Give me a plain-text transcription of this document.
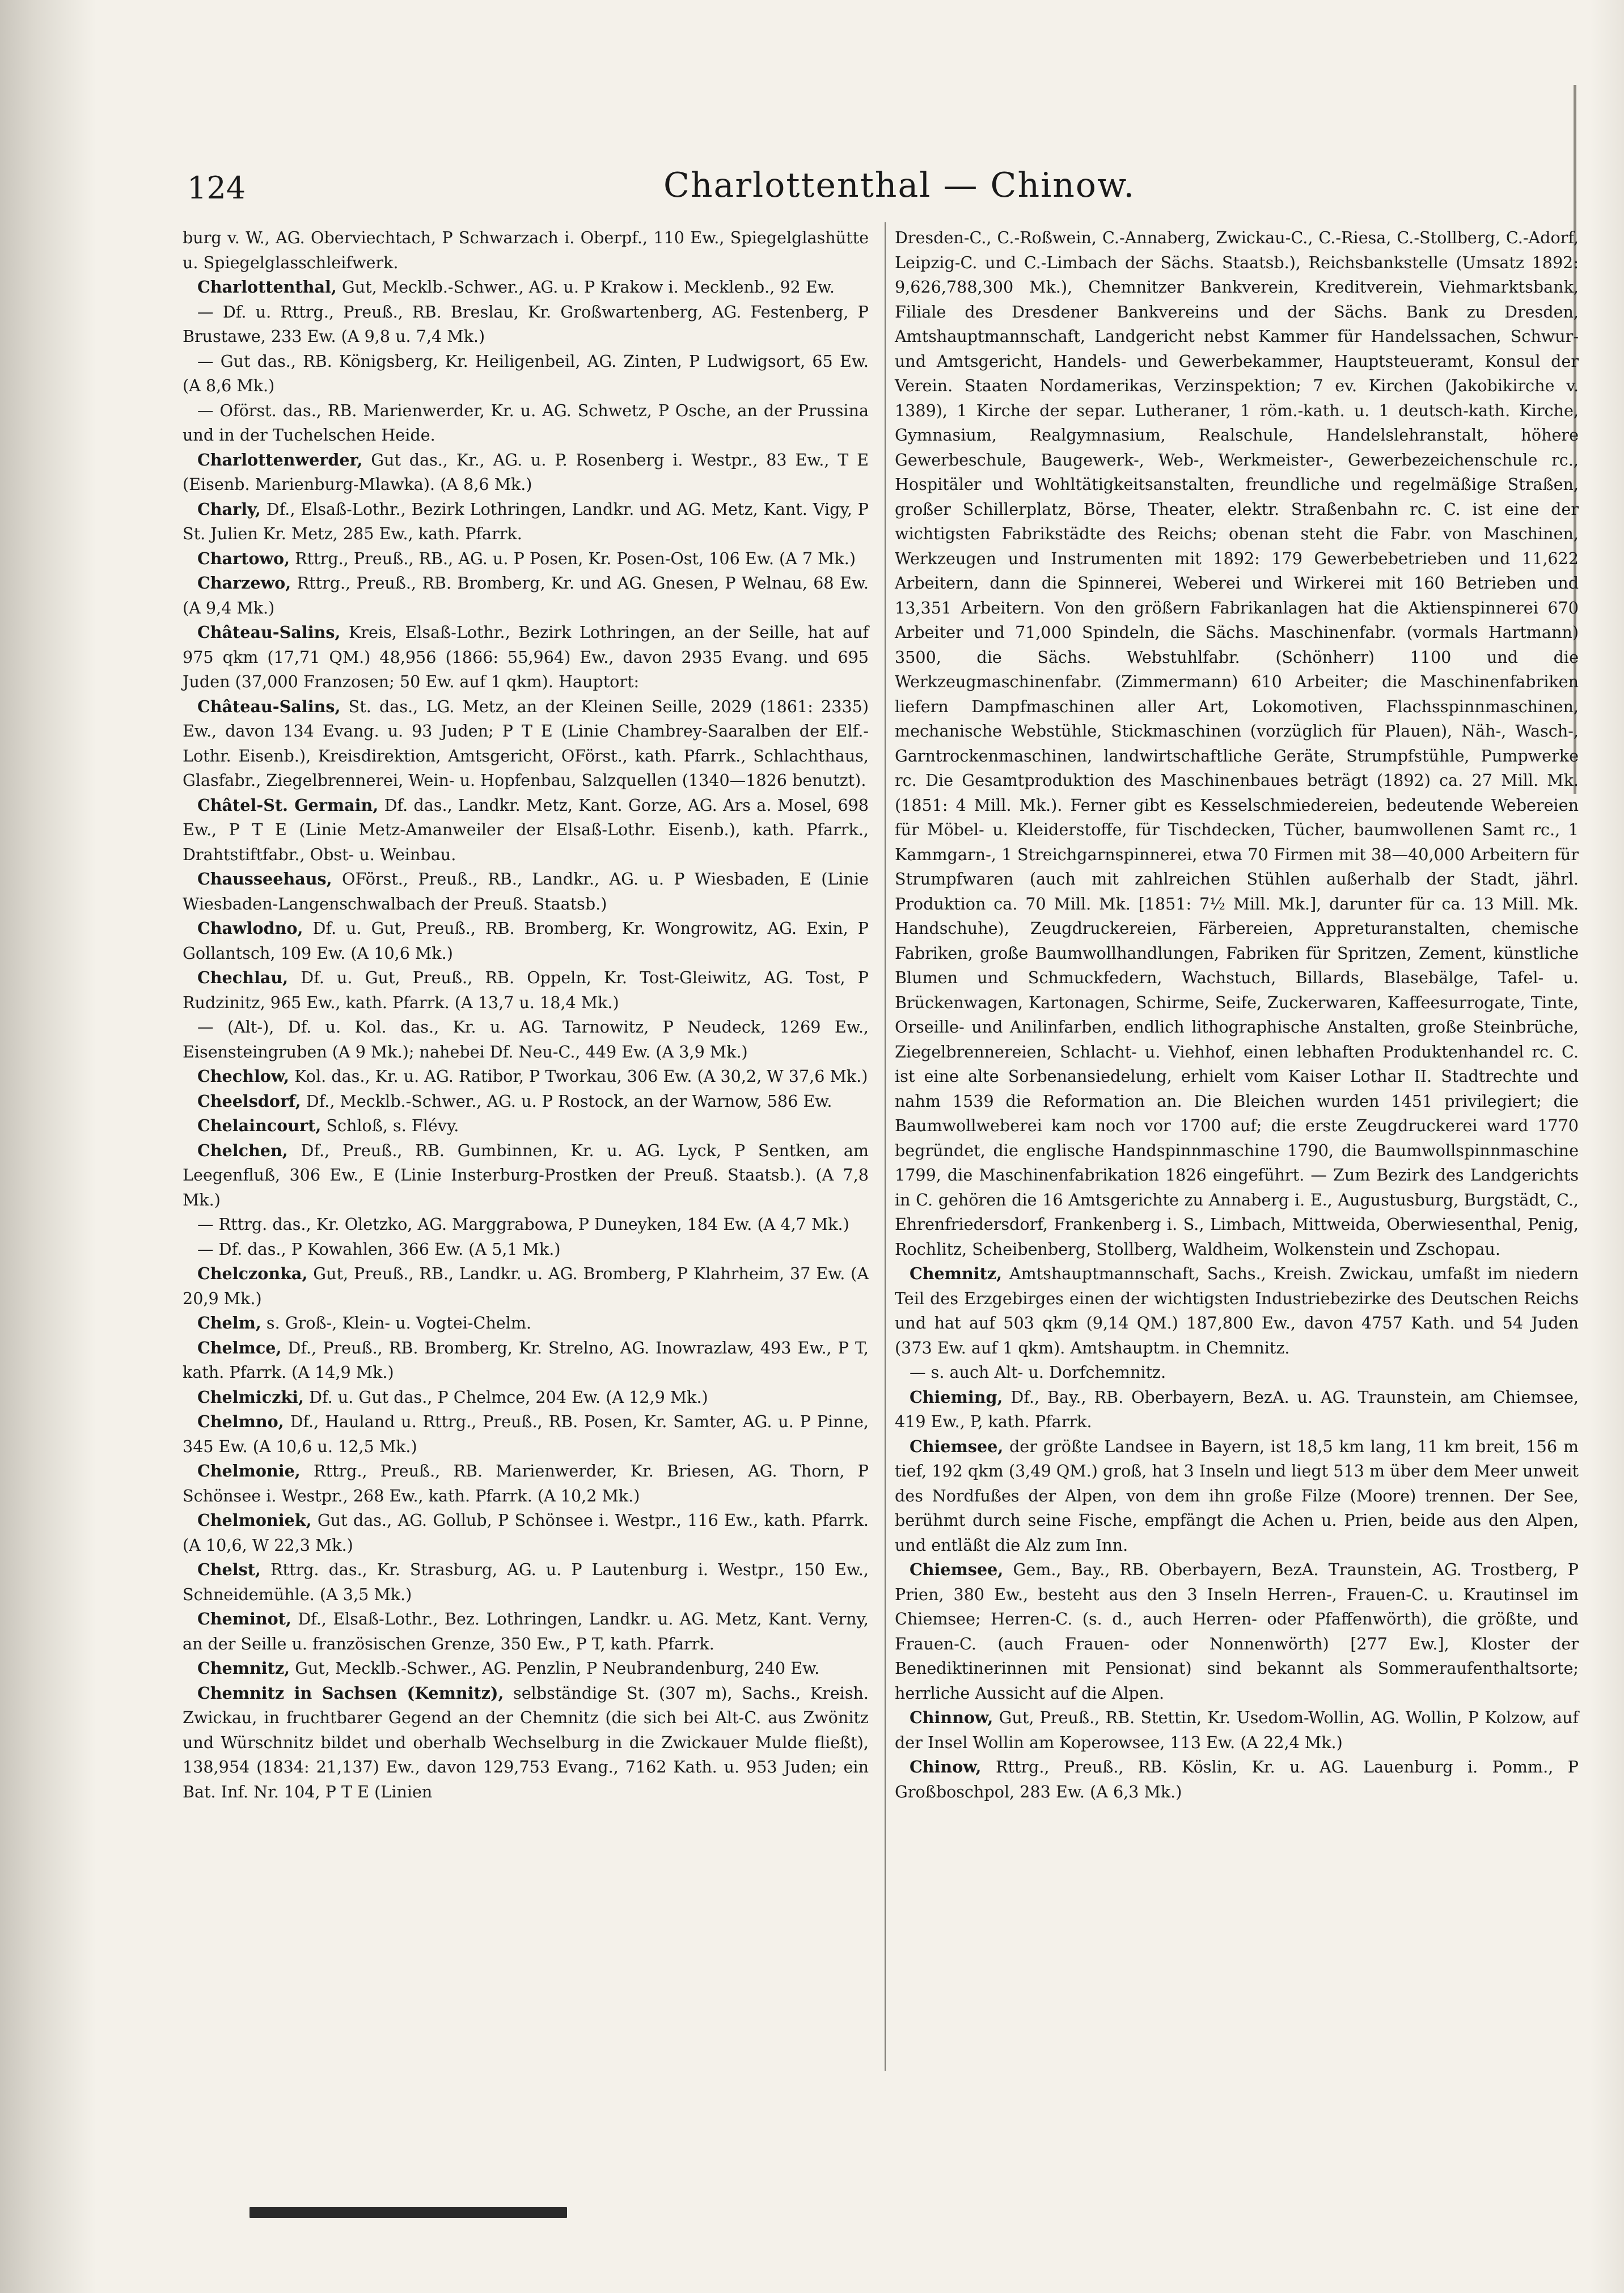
124	Charlottenthal — Chinow.

burg v. W., AG. Oberviechtach, P Schwarzach i. Oberpf., 110 Ew., Spiegelglashütte u. Spiegelglasschleifwerk.

Charlottenthal, Gut, Mecklb.-Schwer., AG. u. P Krakow i. Mecklenb., 92 Ew.

— Df. u. Rttrg., Preuß., RB. Breslau, Kr. Großwartenberg, AG. Festenberg, P Brustawe, 233 Ew. (A 9,8 u. 7,4 Mk.)

— Gut das., RB. Königsberg, Kr. Heiligenbeil, AG. Zinten, P Ludwigsort, 65 Ew. (A 8,6 Mk.)

— Oförst. das., RB. Marienwerder, Kr. u. AG. Schwetz, P Osche, an der Prussina und in der Tuchelschen Heide.

Charlottenwerder, Gut das., Kr., AG. u. P. Rosenberg i. Westpr., 83 Ew., T E (Eisenb. Marienburg-Mlawka). (A 8,6 Mk.)

Charly, Df., Elsaß-Lothr., Bezirk Lothringen, Landkr. und AG. Metz, Kant. Vigy, P St. Julien Kr. Metz, 285 Ew., kath. Pfarrk.

Chartowo, Rttrg., Preuß., RB., AG. u. P Posen, Kr. Posen-Ost, 106 Ew. (A 7 Mk.)

Charzewo, Rttrg., Preuß., RB. Bromberg, Kr. und AG. Gnesen, P Welnau, 68 Ew. (A 9,4 Mk.)

Château-Salins, Kreis, Elsaß-Lothr., Bezirk Lothringen, an der Seille, hat auf 975 qkm (17,71 QM.) 48,956 (1866: 55,964) Ew., davon 2935 Evang. und 695 Juden (37,000 Franzosen; 50 Ew. auf 1 qkm). Hauptort:

Château-Salins, St. das., LG. Metz, an der Kleinen Seille, 2029 (1861: 2335) Ew., davon 134 Evang. u. 93 Juden; P T E (Linie Chambrey-Saaralben der Elf.-Lothr. Eisenb.), Kreisdirektion, Amtsgericht, OFörst., kath. Pfarrk., Schlachthaus, Glasfabr., Ziegelbrennerei, Wein- u. Hopfenbau, Salzquellen (1340—1826 benutzt).

Châtel-St. Germain, Df. das., Landkr. Metz, Kant. Gorze, AG. Ars a. Mosel, 698 Ew., P T E (Linie Metz-Amanweiler der Elsaß-Lothr. Eisenb.), kath. Pfarrk., Drahtstiftfabr., Obst- u. Weinbau.

Chausseehaus, OFörst., Preuß., RB., Landkr., AG. u. P Wiesbaden, E (Linie Wiesbaden-Langenschwalbach der Preuß. Staatsb.)

Chawlodno, Df. u. Gut, Preuß., RB. Bromberg, Kr. Wongrowitz, AG. Exin, P Gollantsch, 109 Ew. (A 10,6 Mk.)

Chechlau, Df. u. Gut, Preuß., RB. Oppeln, Kr. Tost-Gleiwitz, AG. Tost, P Rudzinitz, 965 Ew., kath. Pfarrk. (A 13,7 u. 18,4 Mk.)

— (Alt-), Df. u. Kol. das., Kr. u. AG. Tarnowitz, P Neudeck, 1269 Ew., Eisensteingruben (A 9 Mk.); nahebei Df. Neu-C., 449 Ew. (A 3,9 Mk.)

Chechlow, Kol. das., Kr. u. AG. Ratibor, P Tworkau, 306 Ew. (A 30,2, W 37,6 Mk.)

Cheelsdorf, Df., Mecklb.-Schwer., AG. u. P Rostock, an der Warnow, 586 Ew.

Chelaincourt, Schloß, s. Flévy.

Chelchen, Df., Preuß., RB. Gumbinnen, Kr. u. AG. Lyck, P Sentken, am Leegenfluß, 306 Ew., E (Linie Insterburg-Prostken der Preuß. Staatsb.). (A 7,8 Mk.)

— Rttrg. das., Kr. Oletzko, AG. Marggrabowa, P Duneyken, 184 Ew. (A 4,7 Mk.)

— Df. das., P Kowahlen, 366 Ew. (A 5,1 Mk.)

Chelczonka, Gut, Preuß., RB., Landkr. u. AG. Bromberg, P Klahrheim, 37 Ew. (A 20,9 Mk.)

Chelm, s. Groß-, Klein- u. Vogtei-Chelm.

Chelmce, Df., Preuß., RB. Bromberg, Kr. Strelno, AG. Inowrazlaw, 493 Ew., P T, kath. Pfarrk. (A 14,9 Mk.)

Chelmiczki, Df. u. Gut das., P Chelmce, 204 Ew. (A 12,9 Mk.)

Chelmno, Df., Hauland u. Rttrg., Preuß., RB. Posen, Kr. Samter, AG. u. P Pinne, 345 Ew. (A 10,6 u. 12,5 Mk.)

Chelmonie, Rttrg., Preuß., RB. Marienwerder, Kr. Briesen, AG. Thorn, P Schönsee i. Westpr., 268 Ew., kath. Pfarrk. (A 10,2 Mk.)

Chelmoniek, Gut das., AG. Gollub, P Schönsee i. Westpr., 116 Ew., kath. Pfarrk. (A 10,6, W 22,3 Mk.)

Chelst, Rttrg. das., Kr. Strasburg, AG. u. P Lautenburg i. Westpr., 150 Ew., Schneidemühle. (A 3,5 Mk.)

Cheminot, Df., Elsaß-Lothr., Bez. Lothringen, Landkr. u. AG. Metz, Kant. Verny, an der Seille u. französischen Grenze, 350 Ew., P T, kath. Pfarrk.

Chemnitz, Gut, Mecklb.-Schwer., AG. Penzlin, P Neubrandenburg, 240 Ew.

Chemnitz in Sachsen (Kemnitz), selbständige St. (307 m), Sachs., Kreish. Zwickau, in fruchtbarer Gegend an der Chemnitz (die sich bei Alt-C. aus Zwönitz und Würschnitz bildet und oberhalb Wechselburg in die Zwickauer Mulde fließt), 138,954 (1834: 21,137) Ew., davon 129,753 Evang., 7162 Kath. u. 953 Juden; ein Bat. Inf. Nr. 104, P T E (Linien

Dresden-C., C.-Roßwein, C.-Annaberg, Zwickau-C., C.-Riesa, C.-Stollberg, C.-Adorf, Leipzig-C. und C.-Limbach der Sächs. Staatsb.), Reichsbankstelle (Umsatz 1892: 9,626,788,300 Mk.), Chemnitzer Bankverein, Kreditverein, Viehmarktsbank, Filiale des Dresdener Bankvereins und der Sächs. Bank zu Dresden, Amtshauptmannschaft, Landgericht nebst Kammer für Handelssachen, Schwur- und Amtsgericht, Handels- und Gewerbekammer, Hauptsteueramt, Konsul der Verein. Staaten Nordamerikas, Verzinspektion; 7 ev. Kirchen (Jakobikirche v. 1389), 1 Kirche der separ. Lutheraner, 1 röm.-kath. u. 1 deutsch-kath. Kirche, Gymnasium, Realgymnasium, Realschule, Handelslehranstalt, höhere Gewerbeschule, Baugewerk-, Web-, Werkmeister-, Gewerbezeichenschule rc., Hospitäler und Wohltätigkeitsanstalten, freundliche und regelmäßige Straßen, großer Schillerplatz, Börse, Theater, elektr. Straßenbahn rc. C. ist eine der wichtigsten Fabrikstädte des Reichs; obenan steht die Fabr. von Maschinen, Werkzeugen und Instrumenten mit 1892: 179 Gewerbebetrieben und 11,622 Arbeitern, dann die Spinnerei, Weberei und Wirkerei mit 160 Betrieben und 13,351 Arbeitern. Von den größern Fabrikanlagen hat die Aktienspinnerei 670 Arbeiter und 71,000 Spindeln, die Sächs. Maschinenfabr. (vormals Hartmann) 3500, die Sächs. Webstuhlfabr. (Schönherr) 1100 und die Werkzeugmaschinenfabr. (Zimmermann) 610 Arbeiter; die Maschinenfabriken liefern Dampfmaschinen aller Art, Lokomotiven, Flachsspinnmaschinen, mechanische Webstühle, Stickmaschinen (vorzüglich für Plauen), Näh-, Wasch-, Garntrockenmaschinen, landwirtschaftliche Geräte, Strumpfstühle, Pumpwerke rc. Die Gesamtproduktion des Maschinenbaues beträgt (1892) ca. 27 Mill. Mk. (1851: 4 Mill. Mk.). Ferner gibt es Kesselschmiedereien, bedeutende Webereien für Möbel- u. Kleiderstoffe, für Tischdecken, Tücher, baumwollenen Samt rc., 1 Kammgarn-, 1 Streichgarnspinnerei, etwa 70 Firmen mit 38—40,000 Arbeitern für Strumpfwaren (auch mit zahlreichen Stühlen außerhalb der Stadt, jährl. Produktion ca. 70 Mill. Mk. [1851: 7½ Mill. Mk.], darunter für ca. 13 Mill. Mk. Handschuhe), Zeugdruckereien, Färbereien, Appreturanstalten, chemische Fabriken, große Baumwollhandlungen, Fabriken für Spritzen, Zement, künstliche Blumen und Schmuckfedern, Wachstuch, Billards, Blasebälge, Tafel- u. Brückenwagen, Kartonagen, Schirme, Seife, Zuckerwaren, Kaffeesurrogate, Tinte, Orseille- und Anilinfarben, endlich lithographische Anstalten, große Steinbrüche, Ziegelbrennereien, Schlacht- u. Viehhof, einen lebhaften Produktenhandel rc. C. ist eine alte Sorbenansiedelung, erhielt vom Kaiser Lothar II. Stadtrechte und nahm 1539 die Reformation an. Die Bleichen wurden 1451 privilegiert; die Baumwollweberei kam noch vor 1700 auf; die erste Zeugdruckerei ward 1770 begründet, die englische Handspinnmaschine 1790, die Baumwollspinnmaschine 1799, die Maschinenfabrikation 1826 eingeführt. — Zum Bezirk des Landgerichts in C. gehören die 16 Amtsgerichte zu Annaberg i. E., Augustusburg, Burgstädt, C., Ehrenfriedersdorf, Frankenberg i. S., Limbach, Mittweida, Oberwiesenthal, Penig, Rochlitz, Scheibenberg, Stollberg, Waldheim, Wolkenstein und Zschopau.

Chemnitz, Amtshauptmannschaft, Sachs., Kreish. Zwickau, umfaßt im niedern Teil des Erzgebirges einen der wichtigsten Industriebezirke des Deutschen Reichs und hat auf 503 qkm (9,14 QM.) 187,800 Ew., davon 4757 Kath. und 54 Juden (373 Ew. auf 1 qkm). Amtshauptm. in Chemnitz.

— s. auch Alt- u. Dorfchemnitz.

Chieming, Df., Bay., RB. Oberbayern, BezA. u. AG. Traunstein, am Chiemsee, 419 Ew., P, kath. Pfarrk.

Chiemsee, der größte Landsee in Bayern, ist 18,5 km lang, 11 km breit, 156 m tief, 192 qkm (3,49 QM.) groß, hat 3 Inseln und liegt 513 m über dem Meer unweit des Nordfußes der Alpen, von dem ihn große Filze (Moore) trennen. Der See, berühmt durch seine Fische, empfängt die Achen u. Prien, beide aus den Alpen, und entläßt die Alz zum Inn.

Chiemsee, Gem., Bay., RB. Oberbayern, BezA. Traunstein, AG. Trostberg, P Prien, 380 Ew., besteht aus den 3 Inseln Herren-, Frauen-C. u. Krautinsel im Chiemsee; Herren-C. (s. d., auch Herren- oder Pfaffenwörth), die größte, und Frauen-C. (auch Frauen- oder Nonnenwörth) [277 Ew.], Kloster der Benediktinerinnen mit Pensionat) sind bekannt als Sommeraufenthaltsorte; herrliche Aussicht auf die Alpen.

Chinnow, Gut, Preuß., RB. Stettin, Kr. Usedom-Wollin, AG. Wollin, P Kolzow, auf der Insel Wollin am Koperowsee, 113 Ew. (A 22,4 Mk.)

Chinow, Rttrg., Preuß., RB. Köslin, Kr. u. AG. Lauenburg i. Pomm., P Großboschpol, 283 Ew. (A 6,3 Mk.)
